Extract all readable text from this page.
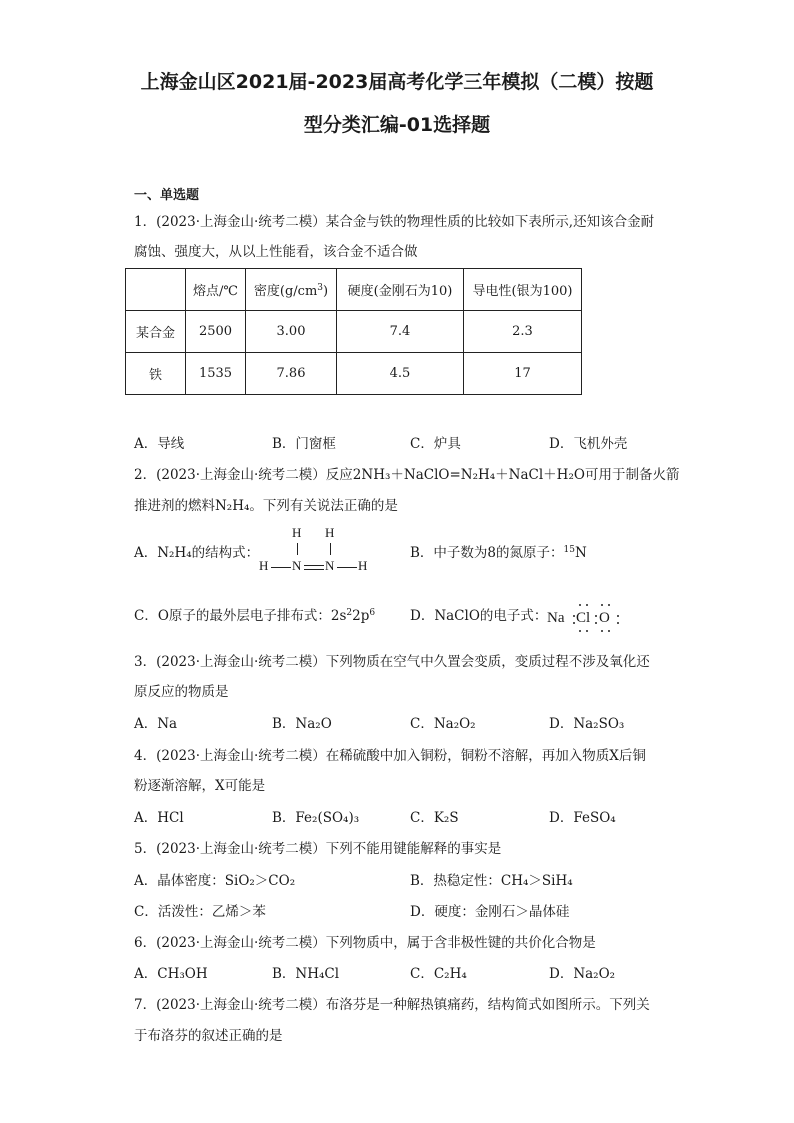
上海金山区2021届-2023届高考化学三年模拟（二模）按题
型分类汇编-01选择题
一、单选题
1．(2023·上海金山·统考二模）某合金与铁的物理性质的比较如下表所示,还知该合金耐
腐蚀、强度大，从以上性能看，该合金不适合做
	熔点/℃	密度$(g/cm^3)$	硬度(金刚石为10)	导电性(银为100)
某合金	2500	3.00	7.4	2.3
铁	1535	7.86	4.5	17
A．导线	B．门窗框	C．炉具	D．飞机外壳
2．(2023·上海金山·统考二模）反应2NH₃＋NaClO=N₂H₄＋NaCl＋H₂O可用于制备火箭
推进剂的燃料N₂H₄。下列有关说法正确的是
A．N₂H₄的结构式：
H H
H N N H
B．中子数为8的氮原子：$^{15}$N
C．O原子的最外层电子排布式：$2s^22p^6$	D．NaClO的电子式： Na Cl O
3．(2023·上海金山·统考二模）下列物质在空气中久置会变质，变质过程不涉及氧化还
原反应的物质是
A．Na	B．Na₂O	C．Na₂O₂	D．Na₂SO₃
4．(2023·上海金山·统考二模）在稀硫酸中加入铜粉，铜粉不溶解，再加入物质X后铜
粉逐渐溶解，X可能是
A．HCl	B．Fe₂(SO₄)₃	C．K₂S	D．FeSO₄
5．(2023·上海金山·统考二模）下列不能用键能解释的事实是
A．晶体密度：SiO₂＞CO₂	B．热稳定性：CH₄＞SiH₄
C．活泼性：乙烯＞苯	D．硬度：金刚石＞晶体硅
6．(2023·上海金山·统考二模）下列物质中，属于含非极性键的共价化合物是
A．CH₃OH	B．NH₄Cl	C．C₂H₄	D．Na₂O₂
7．(2023·上海金山·统考二模）布洛芬是一种解热镇痛药，结构简式如图所示。下列关
于布洛芬的叙述正确的是
